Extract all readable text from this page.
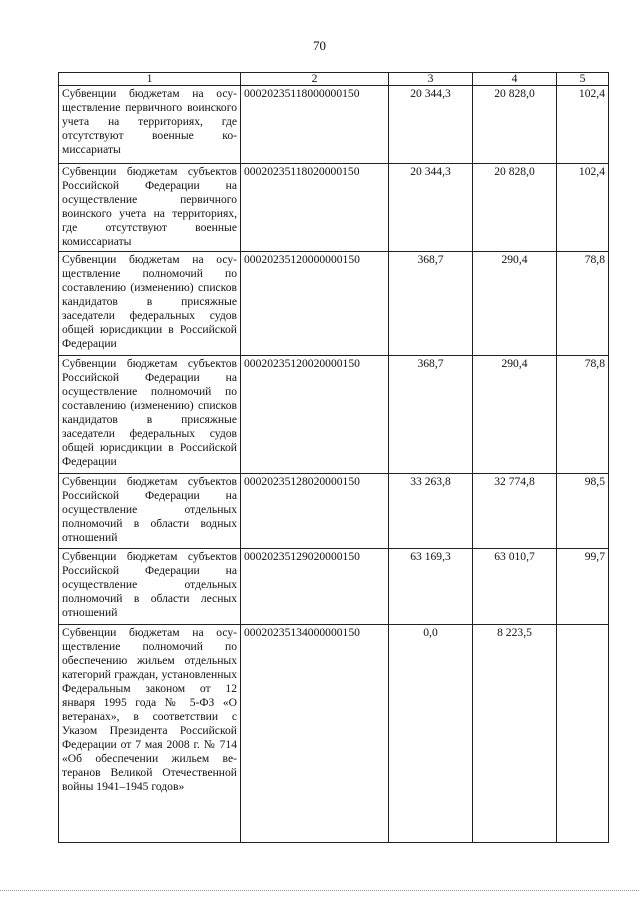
70
1	2	3	4	5
Субвенции бюджетам на осуществление первичного воинского учета на территориях, где отсутствуют военные комиссариаты	00020235118000000150	20 344,3	20 828,0	102,4
Субвенции бюджетам субъектов Российской Федерации на осуществление первичного воинского учета на территориях, где отсутствуют военные комиссариаты	00020235118020000150	20 344,3	20 828,0	102,4
Субвенции бюджетам на осуществление полномочий по составлению (изменению) списков кандидатов в присяжные заседатели федеральных судов общей юрисдикции в Российской Федерации	00020235120000000150	368,7	290,4	78,8
Субвенции бюджетам субъектов Российской Федерации на осуществление полномочий по составлению (изменению) списков кандидатов в присяжные заседатели федеральных судов общей юрисдикции в Российской Федерации	00020235120020000150	368,7	290,4	78,8
Субвенции бюджетам субъектов Российской Федерации на осуществление отдельных полномочий в области водных отношений	00020235128020000150	33 263,8	32 774,8	98,5
Субвенции бюджетам субъектов Российской Федерации на осуществление отдельных полномочий в области лесных отношений	00020235129020000150	63 169,3	63 010,7	99,7
Субвенции бюджетам на осуществление полномочий по обеспечению жильем отдельных категорий граждан, установленных Федеральным законом от 12 января 1995 года № 5-ФЗ «О ветеранах», в соответствии с Указом Президента Российской Федерации от 7 мая 2008 г. № 714 «Об обеспечении жильем ветеранов Великой Отечественной войны 1941–1945 годов»	00020235134000000150	0,0	8 223,5	
